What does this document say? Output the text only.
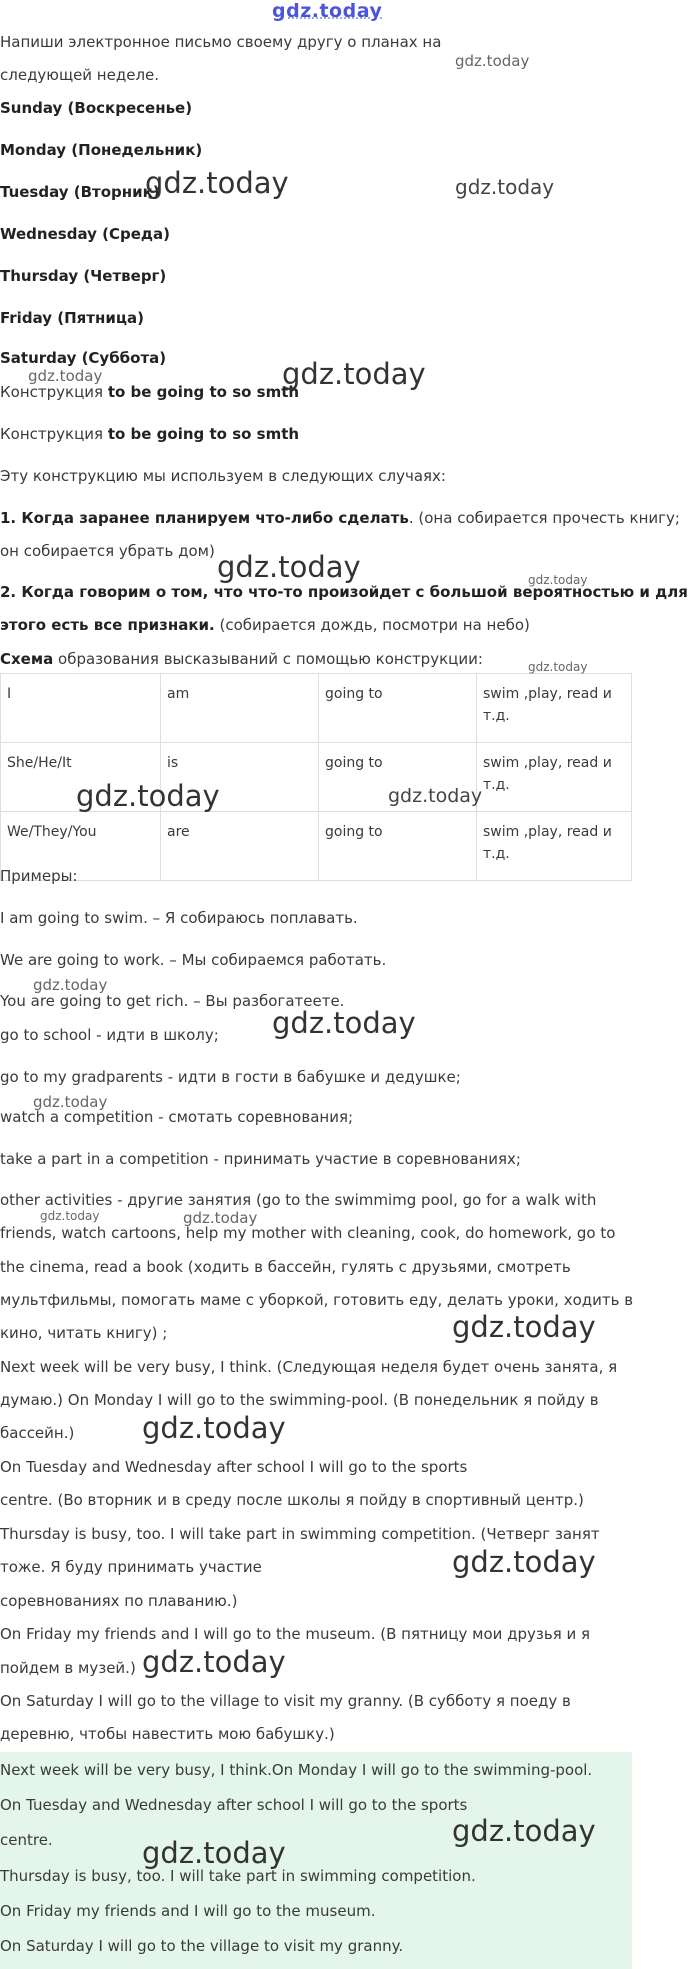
gdz.today

Напиши электронное письмо своему другу о планах на

следующей неделе.

Sunday (Воскресенье)

Monday (Понедельник)

Tuesday (Вторник)

Wednesday (Среда)

Thursday (Четверг)

Friday (Пятница)

Saturday (Суббота)

Конструкция to be going to so smth

Конструкция to be going to so smth

Эту конструкцию мы используем в следующих случаях:

1. Когда заранее планируем что-либо сделать. (она собирается прочесть книгу;

он собирается убрать дом)

2. Когда говорим о том, что что-то произойдет с большой вероятностью и для

этого есть все признаки. (собирается дождь, посмотри на небо)

Схема образования высказываний с помощью конструкции:

I	am	going to	swim ,play, read и т.д.
She/He/It	is	going to	swim ,play, read и т.д.
We/They/You	are	going to	swim ,play, read и т.д.

Примеры:

I am going to swim. – Я собираюсь поплавать.

We are going to work. – Мы собираемся работать.

You are going to get rich. – Вы разбогатеете.

go to school - идти в школу;

go to my gradparents - идти в гости в бабушке и дедушке;

watch a competition - смотать соревнования;

take a part in a competition - принимать участие в соревнованиях;

other activities - другие занятия (go to the swimmimg pool, go for a walk with

friends, watch cartoons, help my mother with cleaning, cook, do homework, go to

the cinema, read a book (ходить в бассейн, гулять с друзьями, смотреть

мультфильмы, помогать маме с уборкой, готовить еду, делать уроки, ходить в

кино, читать книгу) ;

Next week will be very busy, I think. (Следующая неделя будет очень занята, я

думаю.) On Monday I will go to the swimming-pool. (В понедельник я пойду в

бассейн.)

On Tuesday and Wednesday after school I will go to the sports

centre. (Во вторник и в среду после школы я пойду в спортивный центр.)

Thursday is busy, too. I will take part in swimming competition. (Четверг занят

тоже. Я буду принимать участие

соревнованиях по плаванию.)

On Friday my friends and I will go to the museum. (В пятницу мои друзья и я

пойдем в музей.)

On Saturday I will go to the village to visit my granny. (В субботу я поеду в

деревню, чтобы навестить мою бабушку.)

Next week will be very busy, I think.On Monday I will go to the swimming-pool.

On Tuesday and Wednesday after school I will go to the sports

centre.

Thursday is busy, too. I will take part in swimming competition.

On Friday my friends and I will go to the museum.

On Saturday I will go to the village to visit my granny.

gdz.today
gdz.today	gdz.today
gdz.today	gdz.today
gdz.today	gdz.today
gdz.today
gdz.today	gdz.today
gdz.today
gdz.today
gdz.today
gdz.today	gdz.today
gdz.today
gdz.today
gdz.today
gdz.today
gdz.today
gdz.today
